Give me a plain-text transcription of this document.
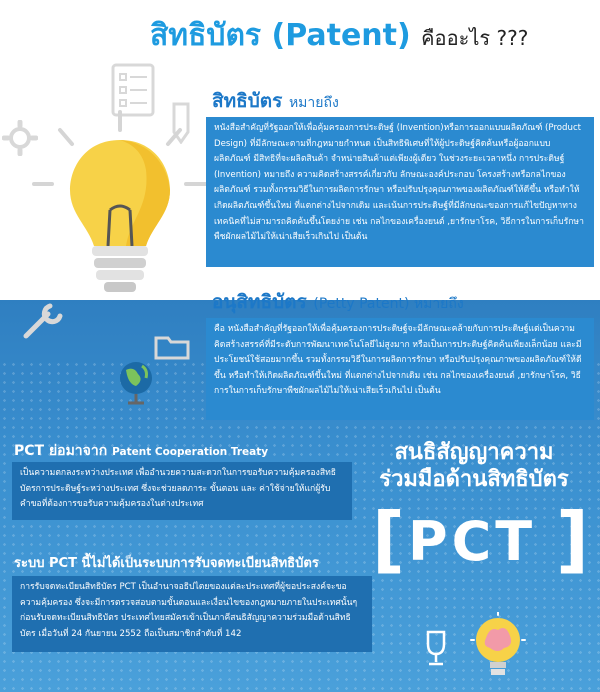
สิทธิบัตร (Patent) คืออะไร ???
สิทธิบัตร หมายถึง
หนังสือสำคัญที่รัฐออกให้เพื่อคุ้มครองการประดิษฐ์ (Invention)หรือการออกแบบผลิตภัณฑ์ (Product Design) ที่มีลักษณะตามที่กฎหมายกำหนด เป็นสิทธิพิเศษที่ให้ผู้ประดิษฐ์คิดค้นหรือผู้ออกแบบผลิตภัณฑ์ มีสิทธิที่จะผลิตสินค้า จำหน่ายสินค้าแต่เพียงผู้เดียว ในช่วงระยะเวลาหนึ่ง การประดิษฐ์ (Invention) หมายถึง ความคิดสร้างสรรค์เกี่ยวกับ ลักษณะองค์ประกอบ โครงสร้างหรือกลไกของผลิตภัณฑ์ รวมทั้งกรรมวิธีในการผลิตการรักษา หรือปรับปรุงคุณภาพของผลิตภัณฑ์ให้ดีขึ้น หรือทำให้เกิดผลิตภัณฑ์ขึ้นใหม่ ที่แตกต่างไปจากเดิม และเน้นการประดิษฐ์ที่มีลักษณะของการแก้ไขปัญหาทางเทคนิคที่ไม่สามารถคิดค้นขึ้นโดยง่าย เช่น กลไกของเครื่องยนต์ ,ยารักษาโรค, วิธีการในการเก็บรักษาพืชผักผลไม้ไม่ให้เน่าเสียเร็วเกินไป เป็นต้น
อนุสิทธิบัตร (Petty Patent) หมายถึง
คือ หนังสือสำคัญที่รัฐออกให้เพื่อคุ้มครองการประดิษฐ์จะมีลักษณะคล้ายกับการประดิษฐ์แต่เป็นความคิดสร้างสรรค์ที่มีระดับการพัฒนาเทคโนโลยีไม่สูงมาก หรือเป็นการประดิษฐ์คิดค้นเพียงเล็กน้อย และมีประโยชน์ใช้สอยมากขึ้น รวมทั้งกรรมวิธีในการผลิตการรักษา หรือปรับปรุงคุณภาพของผลิตภัณฑ์ให้ดีขึ้น หรือทำให้เกิดผลิตภัณฑ์ขึ้นใหม่ ที่แตกต่างไปจากเดิม เช่น กลไกของเครื่องยนต์ ,ยารักษาโรค, วิธีการในการเก็บรักษาพืชผักผลไม้ไม่ให้เน่าเสียเร็วเกินไป เป็นต้น
PCT ย่อมาจาก Patent Cooperation Treaty
เป็นความตกลงระหว่างประเทศ เพื่ออำนวยความสะดวกในการขอรับความคุ้มครองสิทธิบัตรการประดิษฐ์ระหว่างประเทศ ซึ่งจะช่วยลดภาระ ขั้นตอน และ ค่าใช้จ่ายให้แก่ผู้รับคำขอที่ต้องการขอรับความคุ้มครองในต่างประเทศ
ระบบ PCT นี้ไม่ได้เป็นระบบการรับจดทะเบียนสิทธิบัตร
การรับจดทะเบียนสิทธิบัตร PCT เป็นอำนาจอธิปไตยของแต่ละประเทศที่ผู้ขอประสงค์จะขอความคุ้มครอง ซึ่งจะมีการตรวจสอบตามขั้นตอนและเงื่อนไขของกฎหมายภายในประเทศนั้นๆ ก่อนรับจดทะเบียนสิทธิบัตร ประเทศไทยสมัครเข้าเป็นภาคีสนธิสัญญาความร่วมมือด้านสิทธิบัตร เมื่อวันที่ 24 กันยายน 2552 ถือเป็นสมาชิกลำดับที่ 142
สนธิสัญญาความ
ร่วมมือด้านสิทธิบัตร
[ PCT ]
